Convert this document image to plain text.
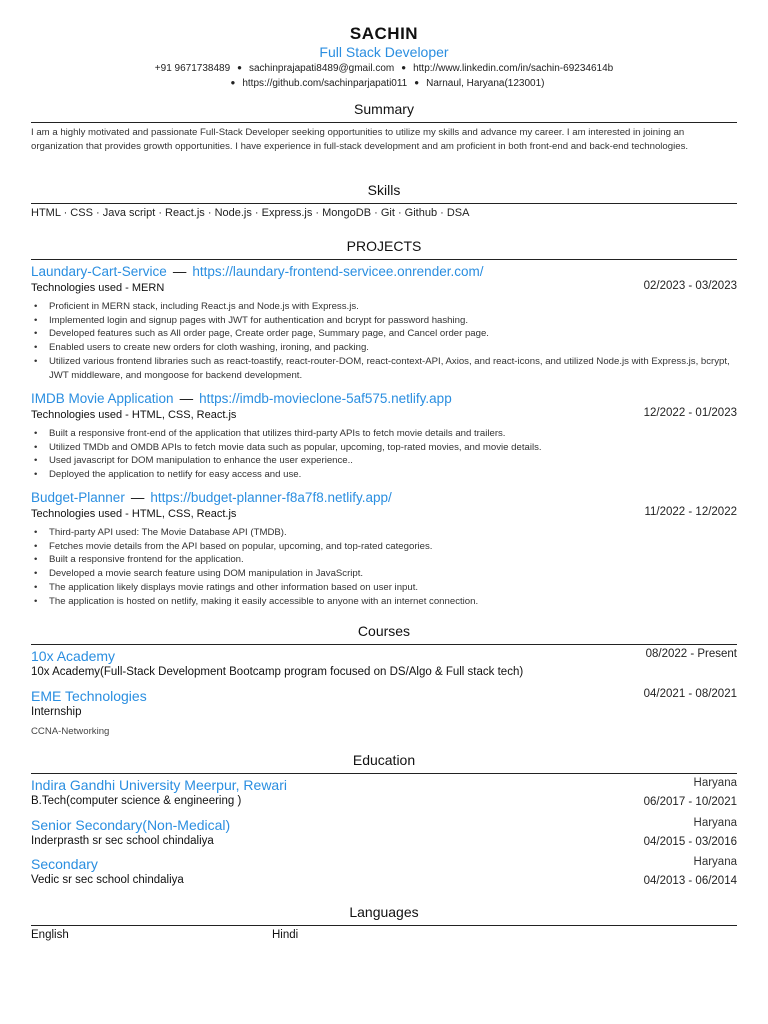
SACHIN
Full Stack Developer
+91 9671738489 ● sachinprajapati8489@gmail.com ● http://www.linkedin.com/in/sachin-69234614b
● https://github.com/sachinparjapati011 ● Narnaul, Haryana(123001)
Summary
I am a highly motivated and passionate Full-Stack Developer seeking opportunities to utilize my skills and advance my career. I am interested in joining an organization that provides growth opportunities. I have experience in full-stack development and am proficient in both front-end and back-end technologies.
Skills
HTML · CSS · Java script · React.js · Node.js · Express.js · MongoDB · Git · Github · DSA
PROJECTS
Laundary-Cart-Service — https://laundary-frontend-servicee.onrender.com/
Technologies used - MERN	02/2023 - 03/2023
• Proficient in MERN stack, including React.js and Node.js with Express.js.
• Implemented login and signup pages with JWT for authentication and bcrypt for password hashing.
• Developed features such as All order page, Create order page, Summary page, and Cancel order page.
• Enabled users to create new orders for cloth washing, ironing, and packing.
• Utilized various frontend libraries such as react-toastify, react-router-DOM, react-context-API, Axios, and react-icons, and utilized Node.js with Express.js, bcrypt, JWT middleware, and mongoose for backend development.
IMDB Movie Application — https://imdb-movieclone-5af575.netlify.app
Technologies used - HTML, CSS, React.js	12/2022 - 01/2023
• Built a responsive front-end of the application that utilizes third-party APIs to fetch movie details and trailers.
• Utilized TMDb and OMDB APIs to fetch movie data such as popular, upcoming, top-rated movies, and movie details.
• Used javascript for DOM manipulation to enhance the user experience..
• Deployed the application to netlify for easy access and use.
Budget-Planner — https://budget-planner-f8a7f8.netlify.app/
Technologies used - HTML, CSS, React.js	11/2022 - 12/2022
• Third-party API used: The Movie Database API (TMDB).
• Fetches movie details from the API based on popular, upcoming, and top-rated categories.
• Built a responsive frontend for the application.
• Developed a movie search feature using DOM manipulation in JavaScript.
• The application likely displays movie ratings and other information based on user input.
• The application is hosted on netlify, making it easily accessible to anyone with an internet connection.
Courses
10x Academy
10x Academy(Full-Stack Development Bootcamp program focused on DS/Algo & Full stack tech)
08/2022 - Present
EME Technologies
Internship
CCNA-Networking
04/2021 - 08/2021
Education
Indira Gandhi University Meerpur, Rewari
B.Tech(computer science & engineering )
Haryana
06/2017 - 10/2021
Senior Secondary(Non-Medical)
Inderprasth sr sec school chindaliya
Haryana
04/2015 - 03/2016
Secondary
Vedic sr sec school chindaliya
Haryana
04/2013 - 06/2014
Languages
English	Hindi
